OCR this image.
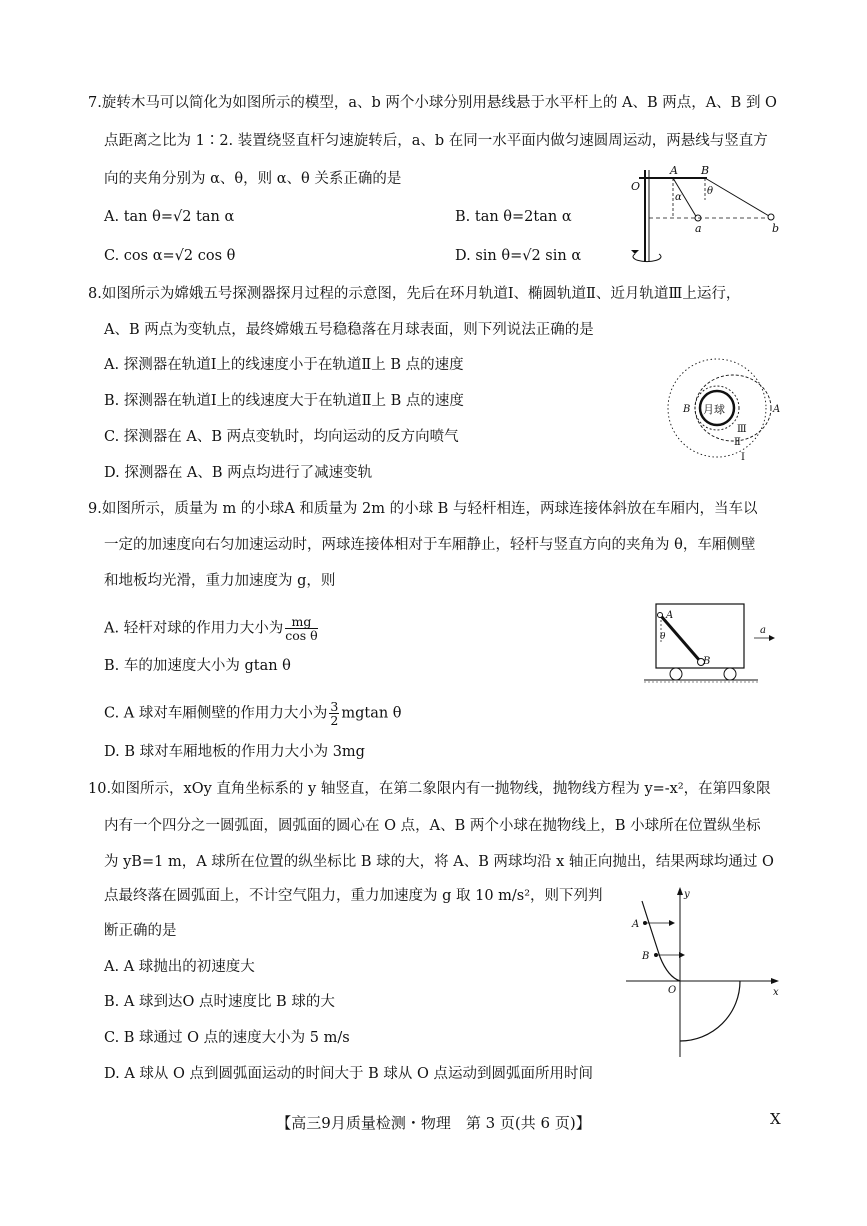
7.旋转木马可以简化为如图所示的模型，a、b 两个小球分别用悬线悬于水平杆上的 A、B 两点，A、B 到 O
点距离之比为 1∶2. 装置绕竖直杆匀速旋转后，a、b 在同一水平面内做匀速圆周运动，两悬线与竖直方
向的夹角分别为 α、θ，则 α、θ 关系正确的是
A. tan θ=√2 tan α	B. tan θ=2tan α
C. cos α=√2 cos θ	D. sin θ=√2 sin α
O
A B
α
θ
a	b
8.如图所示为嫦娥五号探测器探月过程的示意图，先后在环月轨道Ⅰ、椭圆轨道Ⅱ、近月轨道Ⅲ上运行，
A、B 两点为变轨点，最终嫦娥五号稳稳落在月球表面，则下列说法正确的是
A. 探测器在轨道Ⅰ上的线速度小于在轨道Ⅱ上 B 点的速度
B. 探测器在轨道Ⅰ上的线速度大于在轨道Ⅱ上 B 点的速度
C. 探测器在 A、B 两点变轨时，均向运动的反方向喷气
D. 探测器在 A、B 两点均进行了减速变轨
月球
B	A
Ⅲ
Ⅱ
Ⅰ
9.如图所示，质量为 m 的小球A 和质量为 2m 的小球 B 与轻杆相连，两球连接体斜放在车厢内，当车以
一定的加速度向右匀加速运动时，两球连接体相对于车厢静止，轻杆与竖直方向的夹角为 θ，车厢侧壁
和地板均光滑，重力加速度为 g，则
A. 轻杆对球的作用力大小为 $\frac{mg}{\text{cos θ}}$
B. 车的加速度大小为 gtan θ
C. A 球对车厢侧壁的作用力大小为 $\frac{3}{2}$ mgtan θ
D. B 球对车厢地板的作用力大小为 3mg
A
θ
B
a
10.如图所示，xOy 直角坐标系的 y 轴竖直，在第二象限内有一抛物线，抛物线方程为 y=-x²，在第四象限
内有一个四分之一圆弧面，圆弧面的圆心在 O 点，A、B 两个小球在抛物线上，B 小球所在位置纵坐标
为 yB=1 m，A 球所在位置的纵坐标比 B 球的大，将 A、B 两球均沿 x 轴正向抛出，结果两球均通过 O
点最终落在圆弧面上，不计空气阻力，重力加速度为 g 取 10 m/s²，则下列判
断正确的是
A. A 球抛出的初速度大
B. A 球到达O 点时速度比 B 球的大
C. B 球通过 O 点的速度大小为 5 m/s
D. A 球从 O 点到圆弧面运动的时间大于 B 球从 O 点运动到圆弧面所用时间
y
A
B
O	x
【高三9月质量检测・物理　第 3 页(共 6 页)】	X
